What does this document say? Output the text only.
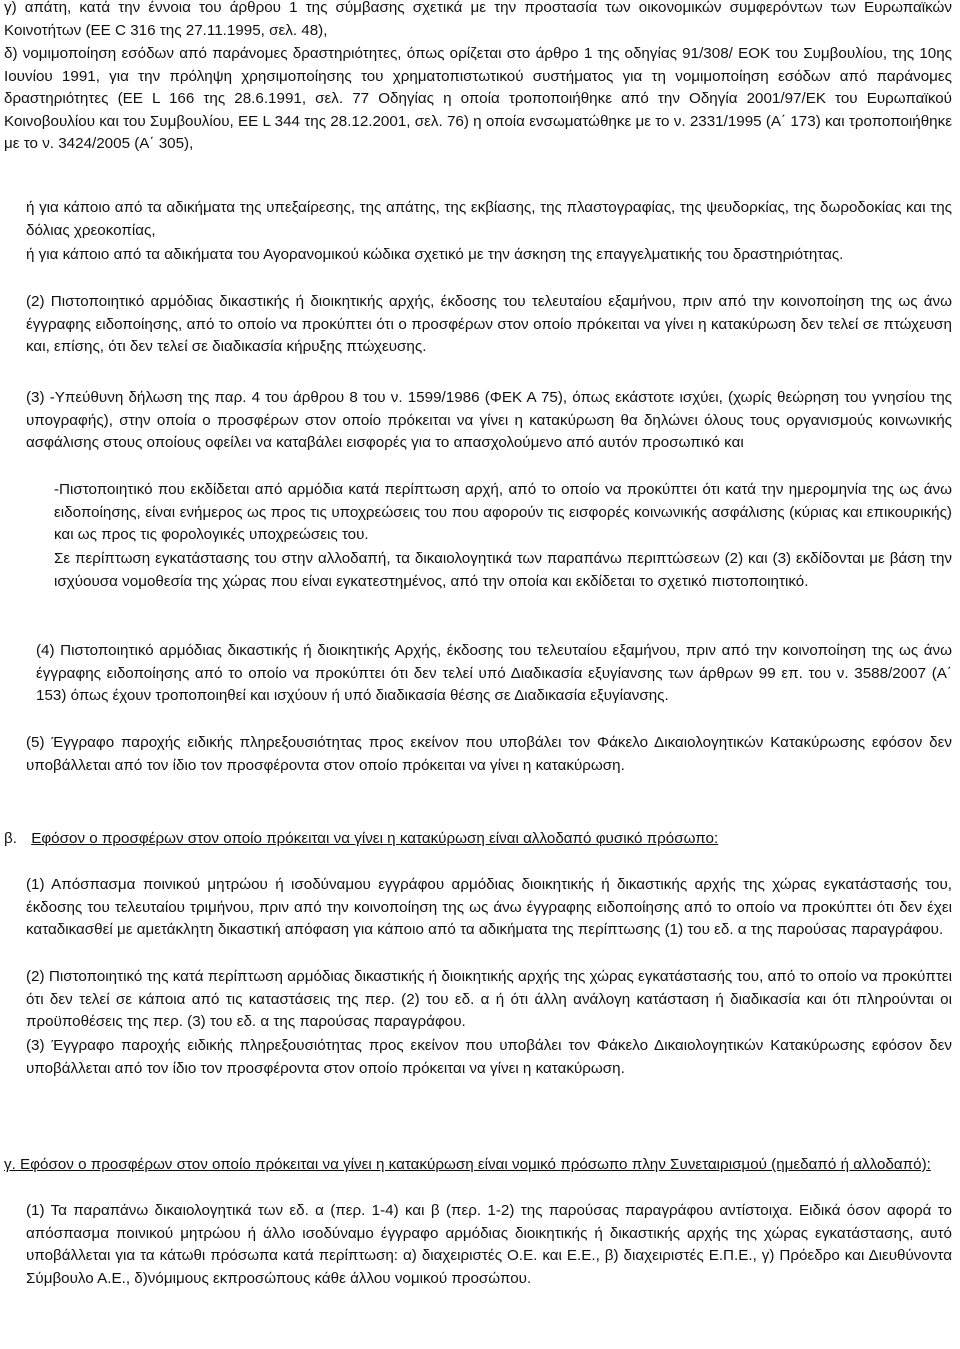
γ) απάτη, κατά την έννοια του άρθρου 1 της σύμβασης σχετικά με την προστασία των οικονομικών συμφερόντων των Ευρωπαϊκών Κοινοτήτων (ΕΕ C 316 της 27.11.1995, σελ. 48),

δ) νομιμοποίηση εσόδων από παράνομες δραστηριότητες, όπως ορίζεται στο άρθρο 1 της οδηγίας 91/308/ ΕΟΚ του Συμβουλίου, της 10ης Ιουνίου 1991, για την πρόληψη χρησιμοποίησης του χρηματοπιστωτικού συστήματος για τη νομιμοποίηση εσόδων από παράνομες δραστηριότητες (ΕΕ L 166 της 28.6.1991, σελ. 77 Οδηγίας η οποία τροποποιήθηκε από την Οδηγία 2001/97/ΕΚ του Ευρωπαϊκού Κοινοβουλίου και του Συμβουλίου, ΕΕ L 344 της 28.12.2001, σελ. 76) η οποία ενσωματώθηκε με το ν. 2331/1995 (Α΄ 173) και τροποποιήθηκε με το ν. 3424/2005 (Α΄ 305),

ή για κάποιο από τα αδικήματα της υπεξαίρεσης, της απάτης, της εκβίασης, της πλαστογραφίας, της ψευδορκίας, της δωροδοκίας και της δόλιας χρεοκοπίας,

ή για κάποιο από τα αδικήματα του Αγορανομικού κώδικα σχετικό με την άσκηση της επαγγελματικής του δραστηριότητας.

(2) Πιστοποιητικό αρμόδιας δικαστικής ή διοικητικής αρχής, έκδοσης του τελευταίου εξαμήνου, πριν από την κοινοποίηση της ως άνω έγγραφης ειδοποίησης, από το οποίο να προκύπτει ότι ο προσφέρων στον οποίο πρόκειται να γίνει η κατακύρωση δεν τελεί σε πτώχευση και, επίσης, ότι δεν τελεί σε διαδικασία κήρυξης πτώχευσης.

(3) -Υπεύθυνη δήλωση της παρ. 4 του άρθρου 8 του ν. 1599/1986 (ΦΕΚ Α 75), όπως εκάστοτε ισχύει, (χωρίς θεώρηση του γνησίου της υπογραφής), στην οποία ο προσφέρων στον οποίο πρόκειται να γίνει η κατακύρωση θα δηλώνει όλους τους οργανισμούς κοινωνικής ασφάλισης στους οποίους οφείλει να καταβάλει εισφορές για το απασχολούμενο από αυτόν προσωπικό και

-Πιστοποιητικό που εκδίδεται από αρμόδια κατά περίπτωση αρχή, από το οποίο να προκύπτει ότι κατά την ημερομηνία της ως άνω ειδοποίησης, είναι ενήμερος ως προς τις υποχρεώσεις του που αφορούν τις εισφορές κοινωνικής ασφάλισης (κύριας και επικουρικής) και ως προς τις φορολογικές υποχρεώσεις του.

Σε περίπτωση εγκατάστασης του στην αλλοδαπή, τα δικαιολογητικά των παραπάνω περιπτώσεων (2) και (3) εκδίδονται με βάση την ισχύουσα νομοθεσία της χώρας που είναι εγκατεστημένος, από την οποία και εκδίδεται το σχετικό πιστοποιητικό.

(4) Πιστοποιητικό αρμόδιας δικαστικής ή διοικητικής Αρχής, έκδοσης του τελευταίου εξαμήνου, πριν από την κοινοποίηση της ως άνω έγγραφης ειδοποίησης από το οποίο να προκύπτει ότι δεν τελεί υπό Διαδικασία εξυγίανσης των άρθρων 99 επ. του ν. 3588/2007 (Α΄ 153) όπως έχουν τροποποιηθεί και ισχύουν ή υπό διαδικασία θέσης σε Διαδικασία εξυγίανσης.

(5) Έγγραφο παροχής ειδικής πληρεξουσιότητας προς εκείνον που υποβάλει τον Φάκελο Δικαιολογητικών Κατακύρωσης εφόσον δεν υποβάλλεται από τον ίδιο τον προσφέροντα στον οποίο πρόκειται να γίνει η κατακύρωση.

β. Εφόσον ο προσφέρων στον οποίο πρόκειται να γίνει η κατακύρωση είναι αλλοδαπό φυσικό πρόσωπο:

(1) Απόσπασμα ποινικού μητρώου ή ισοδύναμου εγγράφου αρμόδιας διοικητικής ή δικαστικής αρχής της χώρας εγκατάστασής του, έκδοσης του τελευταίου τριμήνου, πριν από την κοινοποίηση της ως άνω έγγραφης ειδοποίησης από το οποίο να προκύπτει ότι δεν έχει καταδικασθεί με αμετάκλητη δικαστική απόφαση για κάποιο από τα αδικήματα της περίπτωσης (1) του εδ. α της παρούσας παραγράφου.

(2) Πιστοποιητικό της κατά περίπτωση αρμόδιας δικαστικής ή διοικητικής αρχής της χώρας εγκατάστασής του, από το οποίο να προκύπτει ότι δεν τελεί σε κάποια από τις καταστάσεις της περ. (2) του εδ. α ή ότι άλλη ανάλογη κατάσταση ή διαδικασία και ότι πληρούνται οι προϋποθέσεις της περ. (3) του εδ. α της παρούσας παραγράφου.

(3) Έγγραφο παροχής ειδικής πληρεξουσιότητας προς εκείνον που υποβάλει τον Φάκελο Δικαιολογητικών Κατακύρωσης εφόσον δεν υποβάλλεται από τον ίδιο τον προσφέροντα στον οποίο πρόκειται να γίνει η κατακύρωση.

γ. Εφόσον ο προσφέρων στον οποίο πρόκειται να γίνει η κατακύρωση είναι νομικό πρόσωπο πλην Συνεταιρισμού (ημεδαπό ή αλλοδαπό):

(1) Τα παραπάνω δικαιολογητικά των εδ. α (περ. 1-4) και β (περ. 1-2) της παρούσας παραγράφου αντίστοιχα. Ειδικά όσον αφορά το απόσπασμα ποινικού μητρώου ή άλλο ισοδύναμο έγγραφο αρμόδιας διοικητικής ή δικαστικής αρχής της χώρας εγκατάστασης, αυτό υποβάλλεται για τα κάτωθι πρόσωπα κατά περίπτωση: α) διαχειριστές Ο.Ε. και Ε.Ε., β) διαχειριστές Ε.Π.Ε., γ) Πρόεδρο και Διευθύνοντα Σύμβουλο Α.Ε., δ)νόμιμους εκπροσώπους κάθε άλλου νομικού προσώπου.
